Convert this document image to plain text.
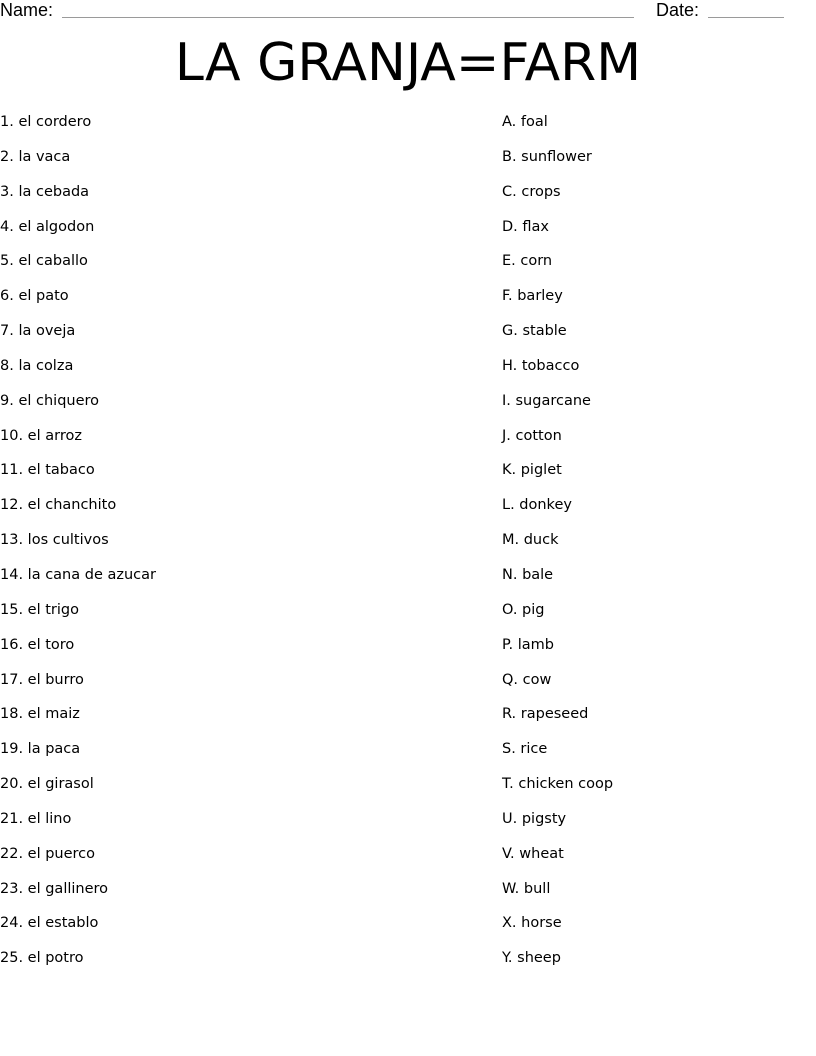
Name:	Date:
LA GRANJA=FARM
1. el cordero
2. la vaca
3. la cebada
4. el algodon
5. el caballo
6. el pato
7. la oveja
8. la colza
9. el chiquero
10. el arroz
11. el tabaco
12. el chanchito
13. los cultivos
14. la cana de azucar
15. el trigo
16. el toro
17. el burro
18. el maiz
19. la paca
20. el girasol
21. el lino
22. el puerco
23. el gallinero
24. el establo
25. el potro
A. foal
B. sunflower
C. crops
D. flax
E. corn
F. barley
G. stable
H. tobacco
I. sugarcane
J. cotton
K. piglet
L. donkey
M. duck
N. bale
O. pig
P. lamb
Q. cow
R. rapeseed
S. rice
T. chicken coop
U. pigsty
V. wheat
W. bull
X. horse
Y. sheep
